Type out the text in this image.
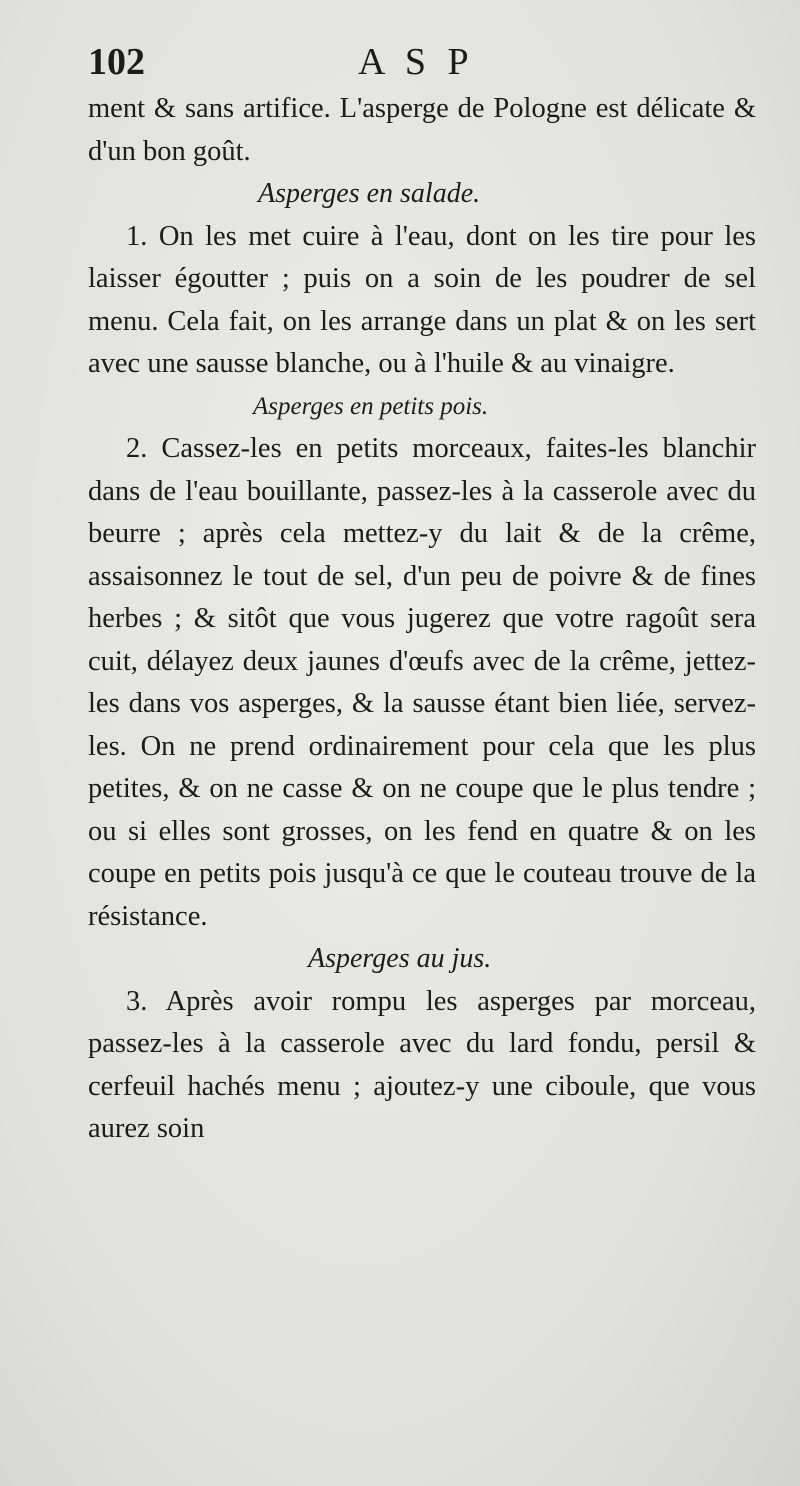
102	A S P

ment & sans artifice. L'asperge de Pologne est délicate & d'un bon goût.

Asperges en salade.

1. On les met cuire à l'eau, dont on les tire pour les laisser égoutter ; puis on a soin de les poudrer de sel menu. Cela fait, on les arrange dans un plat & on les sert avec une sausse blanche, ou à l'huile & au vinaigre.

Asperges en petits pois.

2. Cassez-les en petits morceaux, faites-les blanchir dans de l'eau bouillante, passez-les à la casserole avec du beurre ; après cela mettez-y du lait & de la crême, assaisonnez le tout de sel, d'un peu de poivre & de fines herbes ; & sitôt que vous jugerez que votre ragoût sera cuit, délayez deux jaunes d'œufs avec de la crême, jettez-les dans vos asperges, & la sausse étant bien liée, servez-les. On ne prend ordinairement pour cela que les plus petites, & on ne casse & on ne coupe que le plus tendre ; ou si elles sont grosses, on les fend en quatre & on les coupe en petits pois jusqu'à ce que le couteau trouve de la résistance.

Asperges au jus.

3. Après avoir rompu les asperges par morceau, passez-les à la casserole avec du lard fondu, persil & cerfeuil hachés menu ; ajoutez-y une ciboule, que vous aurez soin
